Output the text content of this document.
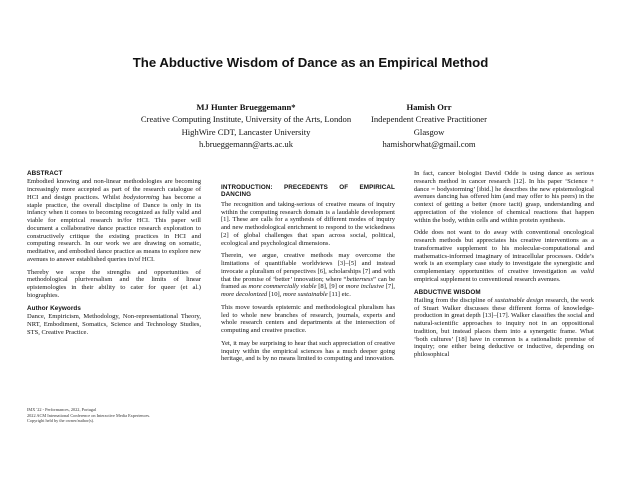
The Abductive Wisdom of Dance as an Empirical Method
MJ Hunter Brueggemann*
Creative Computing Institute, University of the Arts, London
HighWire CDT, Lancaster University
h.brueggemann@arts.ac.uk
Hamish Orr
Independent Creative Practitioner
Glasgow
hamishorwhat@gmail.com
ABSTRACT

Embodied knowing and non-linear methodologies are becoming increasingly more accepted as part of the research catalogue of HCI and design practices. Whilst bodystorming has become a staple practice, the overall discipline of Dance is only in its infancy when it comes to becoming recognized as fully valid and viable for empirical research in/for HCI. This paper will document a collaborative dance practice research exploration to constructively critique the existing practices in HCI and computing research. In our work we are drawing on somatic, meditative, and embodied dance practice as means to explore new avenues to answer established queries in/of HCI.

Thereby we scope the strengths and opportunities of methodological pluriversalism and the limits of linear epistemologies in their ability to cater for queer (et al.) biographies.

Author Keywords

Dance, Empiricism, Methodology, Non-representational Theory, NRT, Embodiment, Somatics, Science and Technology Studies, STS, Creative Practice.

IMX '22 - Performances, 2022, Portugal
2022 ACM International Conference on Interactive Media Experiences.
Copyright held by the owner/author(s).
INTRODUCTION: PRECEDENTS OF EMPIRICAL DANCING

The recognition and taking-serious of creative means of inquiry within the computing research domain is a laudable development [1]. These are calls for a synthesis of different modes of inquiry and new methodological enrichment to respond to the wickedness [2] of global challenges that span across social, political, ecological and psychological dimensions.

Therein, we argue, creative methods may overcome the limitations of quantifiable worldviews [3]–[5] and instead invocate a pluralism of perspectives [6], scholarships [7] and with that the promise of ‘better’ innovation; where “betterness” can be framed as more commercially viable [8], [9] or more inclusive [7], more decolonized [10], more sustainable [11] etc.

This move towards epistemic and methodological pluralism has led to whole new branches of research, journals, experts and whole research centers and departments at the intersection of computing and creative practice.

Yet, it may be surprising to hear that such appreciation of creative inquiry within the empirical sciences has a much deeper going heritage, and is by no means limited to computing and innovation.

In fact, cancer biologist David Odde is using dance as serious research method in cancer research [12]. In his paper ‘Science + dance = bodystorming’ [ibid.] he describes the new epistemological avenues dancing has offered him (and may offer to his peers) in the context of getting a better (more tacit) grasp, understanding and appreciation of the violence of chemical reactions that happen within the body, within cells and within protein synthesis.

Odde does not want to do away with conventional oncological research methods but appreciates his creative interventions as a transformative supplement to his molecular-computational and mathematics-informed imaginary of intracellular processes. Odde’s work is an exemplary case study to investigate the synergistic and complementary opportunities of creative investigation as valid empirical supplement to conventional research avenues.

ABDUCTIVE WISDOM

Hailing from the discipline of sustainable design research, the work of Stuart Walker discusses these different forms of knowledge-production in great depth [13]–[17]. Walker classifies the social and natural-scientific approaches to inquiry not in an oppositional tradition, but instead places them into a synergetic frame. What ‘both cultures’ [18] have in common is a rationalistic premise of inquiry; one either being deductive or inductive, depending on philosophical
